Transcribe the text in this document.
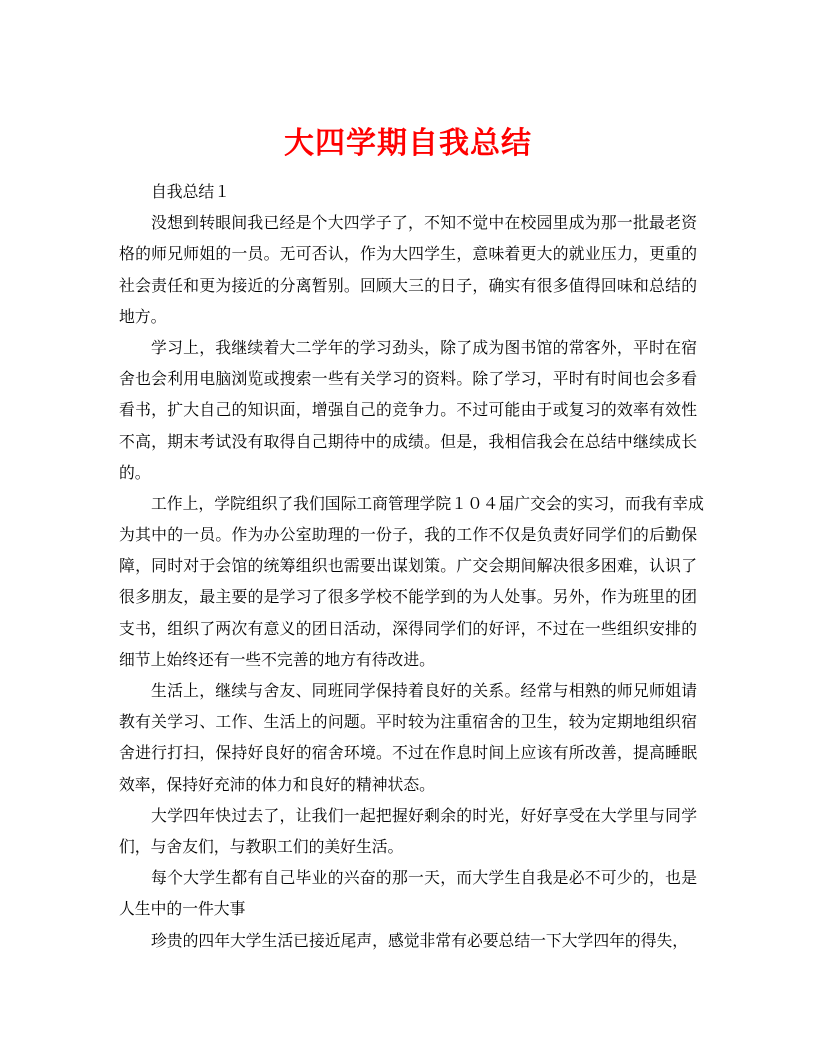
大四学期自我总结
自我总结１
没想到转眼间我已经是个大四学子了，不知不觉中在校园里成为那一批最老资
格的师兄师姐的一员。无可否认，作为大四学生，意味着更大的就业压力，更重的
社会责任和更为接近的分离暂别。回顾大三的日子，确实有很多值得回味和总结的
地方。
学习上，我继续着大二学年的学习劲头，除了成为图书馆的常客外，平时在宿
舍也会利用电脑浏览或搜索一些有关学习的资料。除了学习，平时有时间也会多看
看书，扩大自己的知识面，增强自己的竞争力。不过可能由于或复习的效率有效性
不高，期末考试没有取得自己期待中的成绩。但是，我相信我会在总结中继续成长
的。
工作上，学院组织了我们国际工商管理学院１０４届广交会的实习，而我有幸成
为其中的一员。作为办公室助理的一份子，我的工作不仅是负责好同学们的后勤保
障，同时对于会馆的统筹组织也需要出谋划策。广交会期间解决很多困难，认识了
很多朋友，最主要的是学习了很多学校不能学到的为人处事。另外，作为班里的团
支书，组织了两次有意义的团日活动，深得同学们的好评，不过在一些组织安排的
细节上始终还有一些不完善的地方有待改进。
生活上，继续与舍友、同班同学保持着良好的关系。经常与相熟的师兄师姐请
教有关学习、工作、生活上的问题。平时较为注重宿舍的卫生，较为定期地组织宿
舍进行打扫，保持好良好的宿舍环境。不过在作息时间上应该有所改善，提高睡眠
效率，保持好充沛的体力和良好的精神状态。
大学四年快过去了，让我们一起把握好剩余的时光，好好享受在大学里与同学
们，与舍友们，与教职工们的美好生活。
每个大学生都有自己毕业的兴奋的那一天，而大学生自我是必不可少的，也是
人生中的一件大事
珍贵的四年大学生活已接近尾声，感觉非常有必要总结一下大学四年的得失，
